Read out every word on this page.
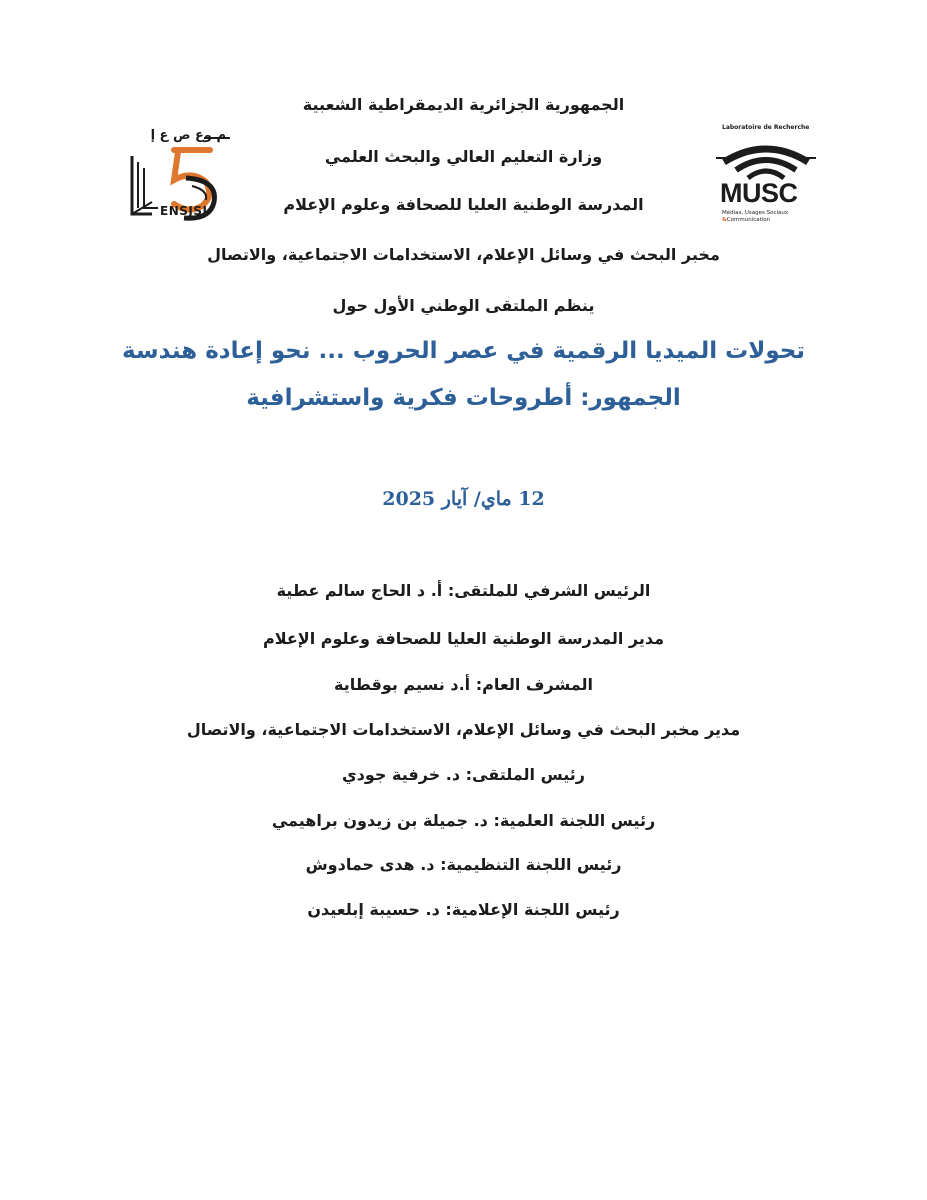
م وع ص ع إ
ENSJSI
Laboratoire de Recherche
MUSC
Médias, Usages Sociaux
&Communication
الجمهورية الجزائرية الديمقراطية الشعبية
وزارة التعليم العالي والبحث العلمي
المدرسة الوطنية العليا للصحافة وعلوم الإعلام
مخبر البحث في وسائل الإعلام، الاستخدامات الاجتماعية، والاتصال
ينظم الملتقى الوطني الأول حول
تحولات الميديا الرقمية في عصر الحروب ... نحو إعادة هندسة
الجمهور: أطروحات فكرية واستشرافية
12 ماي/ آيار 2025
الرئيس الشرفي للملتقى: أ. د الحاج سالم عطية
مدير المدرسة الوطنية العليا للصحافة وعلوم الإعلام
المشرف العام: أ.د نسيم بوقطاية
مدير مخبر البحث في وسائل الإعلام، الاستخدامات الاجتماعية، والاتصال
رئيس الملتقى: د. خرفية جودي
رئيس اللجنة العلمية: د. جميلة بن زيدون براهيمي
رئيس اللجنة التنظيمية: د. هدى حمادوش
رئيس اللجنة الإعلامية: د. حسيبة إبلعيدن
